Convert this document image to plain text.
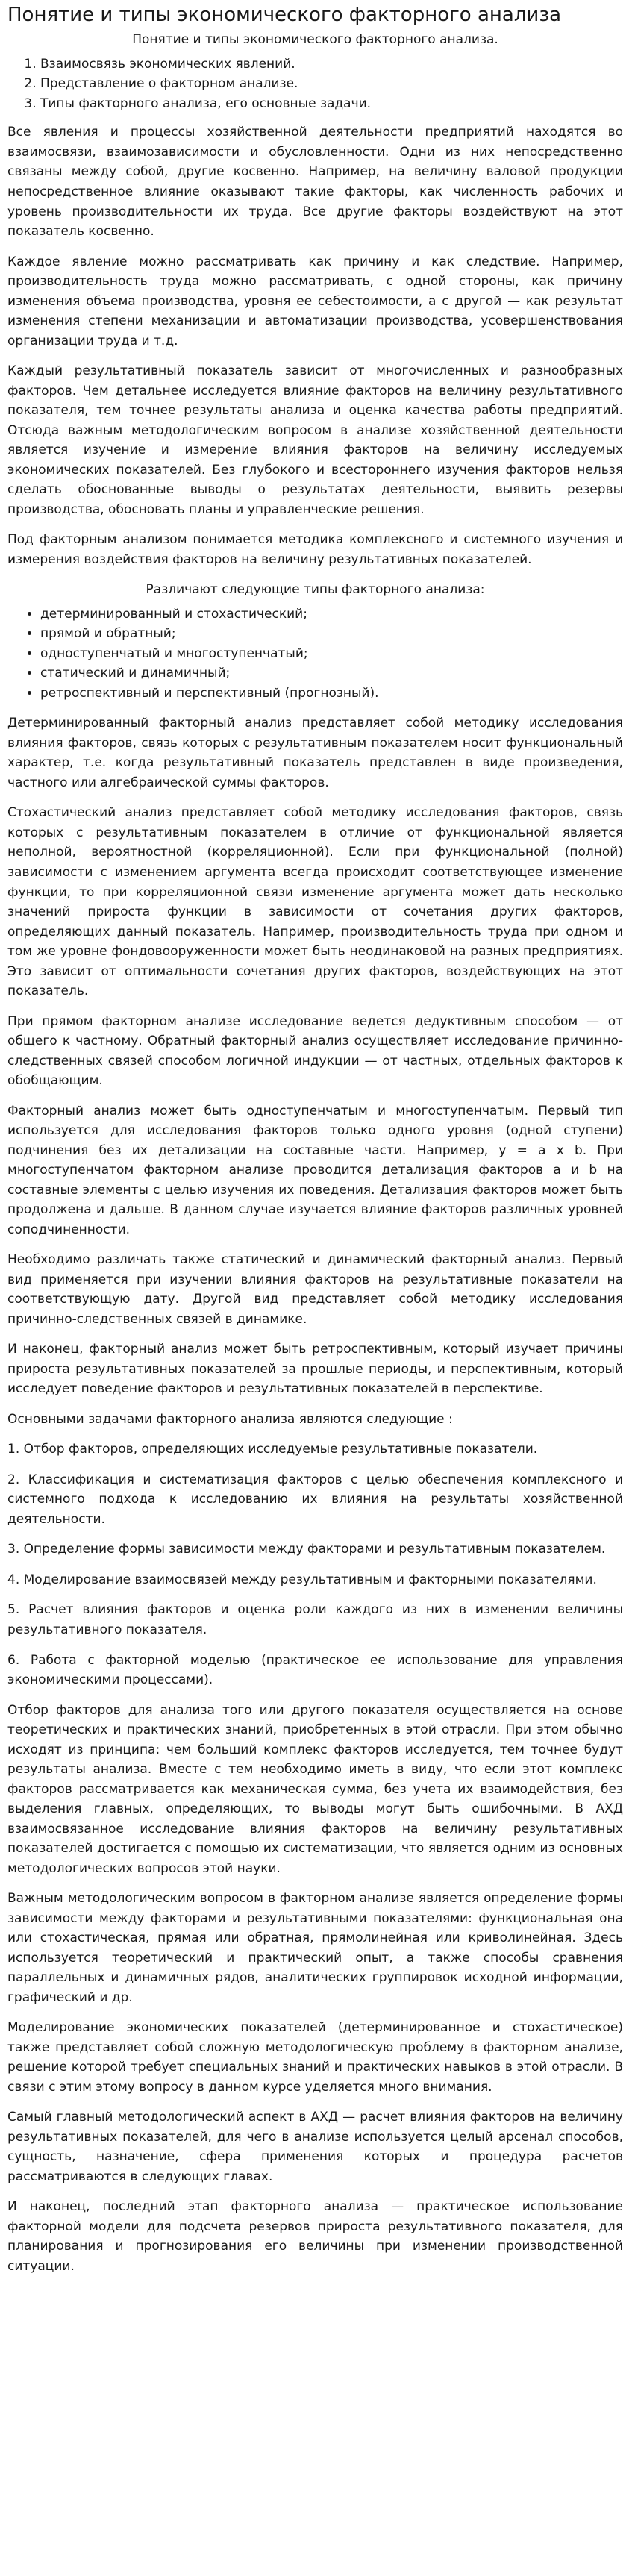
Понятие и типы экономического факторного анализа
Понятие и типы экономического факторного анализа.
1. Взаимосвязь экономических явлений.
2. Представление о факторном анализе.
3. Типы факторного анализа, его основные задачи.

Все явления и процессы хозяйственной деятельности предприятий находятся во взаимосвязи, взаимозависимости и обусловленности. Одни из них непосредственно связаны между собой, другие косвенно. Например, на величину валовой продукции непосредственное влияние оказывают такие факторы, как численность рабочих и уровень производительности их труда. Все другие факторы воздействуют на этот показатель косвенно.

Каждое явление можно рассматривать как причину и как следствие. Например, производительность труда можно рассматривать, с одной стороны, как причину изменения объема производства, уровня ее себестоимости, а с другой — как результат изменения степени механизации и автоматизации производства, усовершенствования организации труда и т.д.

Каждый результативный показатель зависит от многочисленных и разнообразных факторов. Чем детальнее исследуется влияние факторов на величину результативного показателя, тем точнее результаты анализа и оценка качества работы предприятий. Отсюда важным методологическим вопросом в анализе хозяйственной деятельности является изучение и измерение влияния факторов на величину исследуемых экономических показателей. Без глубокого и всестороннего изучения факторов нельзя сделать обоснованные выводы о результатах деятельности, выявить резервы производства, обосновать планы и управленческие решения.

Под факторным анализом понимается методика комплексного и системного изучения и измерения воздействия факторов на величину результативных показателей.

Различают следующие типы факторного анализа:
• детерминированный и стохастический;
• прямой и обратный;
• одноступенчатый и многоступенчатый;
• статический и динамичный;
• ретроспективный и перспективный (прогнозный).

Детерминированный факторный анализ представляет собой методику исследования влияния факторов, связь которых с результативным показателем носит функциональный характер, т.е. когда результативный показатель представлен в виде произведения, частного или алгебраической суммы факторов.

Стохастический анализ представляет собой методику исследования факторов, связь которых с результативным показателем в отличие от функциональной является неполной, вероятностной (корреляционной). Если при функциональной (полной) зависимости с изменением аргумента всегда происходит соответствующее изменение функции, то при корреляционной связи изменение аргумента может дать несколько значений прироста функции в зависимости от сочетания других факторов, определяющих данный показатель. Например, производительность труда при одном и том же уровне фондовооруженности может быть неодинаковой на разных предприятиях. Это зависит от оптимальности сочетания других факторов, воздействующих на этот показатель.

При прямом факторном анализе исследование ведется дедуктивным способом — от общего к частному. Обратный факторный анализ осуществляет исследование причинно-следственных связей способом логичной индукции — от частных, отдельных факторов к обобщающим.

Факторный анализ может быть одноступенчатым и многоступенчатым. Первый тип используется для исследования факторов только одного уровня (одной ступени) подчинения без их детализации на составные части. Например, у = а х b. При многоступенчатом факторном анализе проводится детализация факторов а и b на составные элементы с целью изучения их поведения. Детализация факторов может быть продолжена и дальше. В данном случае изучается влияние факторов различных уровней соподчиненности.

Необходимо различать также статический и динамический факторный анализ. Первый вид применяется при изучении влияния факторов на результативные показатели на соответствующую дату. Другой вид представляет собой методику исследования причинно-следственных связей в динамике.

И наконец, факторный анализ может быть ретроспективным, который изучает причины прироста результативных показателей за прошлые периоды, и перспективным, который исследует поведение факторов и результативных показателей в перспективе.

Основными задачами факторного анализа являются следующие :

1. Отбор факторов, определяющих исследуемые результативные показатели.

2. Классификация и систематизация факторов с целью обеспечения комплексного и системного подхода к исследованию их влияния на результаты хозяйственной деятельности.

3. Определение формы зависимости между факторами и результативным показателем.

4. Моделирование взаимосвязей между результативным и факторными показателями.

5. Расчет влияния факторов и оценка роли каждого из них в изменении величины результативного показателя.

6. Работа с факторной моделью (практическое ее использование для управления экономическими процессами).

Отбор факторов для анализа того или другого показателя осуществляется на основе теоретических и практических знаний, приобретенных в этой отрасли. При этом обычно исходят из принципа: чем больший комплекс факторов исследуется, тем точнее будут результаты анализа. Вместе с тем необходимо иметь в виду, что если этот комплекс факторов рассматривается как механическая сумма, без учета их взаимодействия, без выделения главных, определяющих, то выводы могут быть ошибочными. В АХД взаимосвязанное исследование влияния факторов на величину результативных показателей достигается с помощью их систематизации, что является одним из основных методологических вопросов этой науки.

Важным методологическим вопросом в факторном анализе является определение формы зависимости между факторами и результативными показателями: функциональная она или стохастическая, прямая или обратная, прямолинейная или криволинейная. Здесь используется теоретический и практический опыт, а также способы сравнения параллельных и динамичных рядов, аналитических группировок исходной информации, графический и др.

Моделирование экономических показателей (детерминированное и стохастическое) также представляет собой сложную методологическую проблему в факторном анализе, решение которой требует специальных знаний и практических навыков в этой отрасли. В связи с этим этому вопросу в данном курсе уделяется много внимания.

Самый главный методологический аспект в АХД — расчет влияния факторов на величину результативных показателей, для чего в анализе используется целый арсенал способов, сущность, назначение, сфера применения которых и процедура расчетов рассматриваются в следующих главах.

И наконец, последний этап факторного анализа — практическое использование факторной модели для подсчета резервов прироста результативного показателя, для планирования и прогнозирования его величины при изменении производственной ситуации.
